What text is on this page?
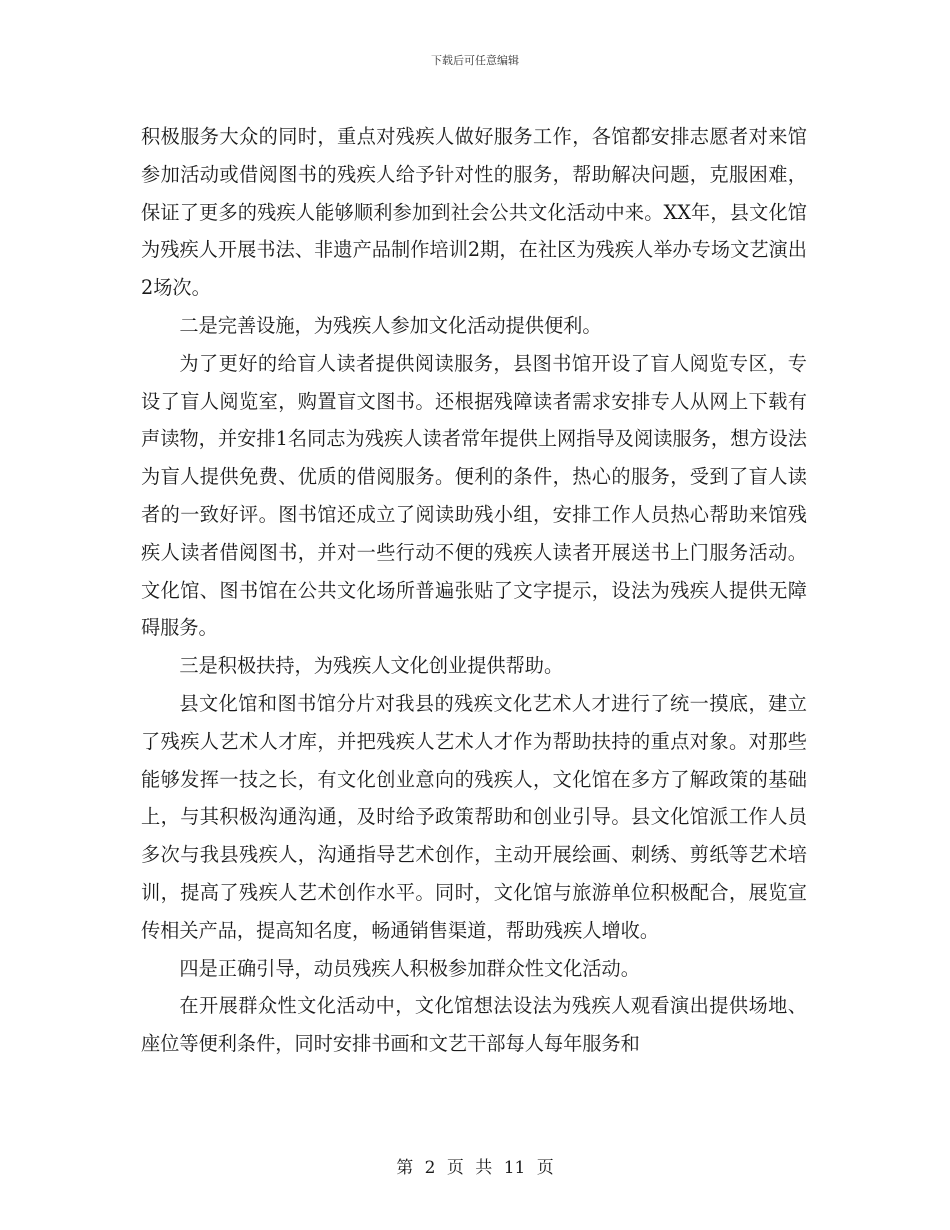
下载后可任意编辑

积极服务大众的同时，重点对残疾人做好服务工作，各馆都安排志愿者对来馆参加活动或借阅图书的残疾人给予针对性的服务，帮助解决问题，克服困难，保证了更多的残疾人能够顺利参加到社会公共文化活动中来。XX年，县文化馆为残疾人开展书法、非遗产品制作培训2期，在社区为残疾人举办专场文艺演出2场次。

二是完善设施，为残疾人参加文化活动提供便利。

为了更好的给盲人读者提供阅读服务，县图书馆开设了盲人阅览专区，专设了盲人阅览室，购置盲文图书。还根据残障读者需求安排专人从网上下载有声读物，并安排1名同志为残疾人读者常年提供上网指导及阅读服务，想方设法为盲人提供免费、优质的借阅服务。便利的条件，热心的服务，受到了盲人读者的一致好评。图书馆还成立了阅读助残小组，安排工作人员热心帮助来馆残疾人读者借阅图书，并对一些行动不便的残疾人读者开展送书上门服务活动。文化馆、图书馆在公共文化场所普遍张贴了文字提示，设法为残疾人提供无障碍服务。

三是积极扶持，为残疾人文化创业提供帮助。

县文化馆和图书馆分片对我县的残疾文化艺术人才进行了统一摸底，建立了残疾人艺术人才库，并把残疾人艺术人才作为帮助扶持的重点对象。对那些能够发挥一技之长，有文化创业意向的残疾人，文化馆在多方了解政策的基础上，与其积极沟通沟通，及时给予政策帮助和创业引导。县文化馆派工作人员多次与我县残疾人，沟通指导艺术创作，主动开展绘画、刺绣、剪纸等艺术培训，提高了残疾人艺术创作水平。同时，文化馆与旅游单位积极配合，展览宣传相关产品，提高知名度，畅通销售渠道，帮助残疾人增收。

四是正确引导，动员残疾人积极参加群众性文化活动。

在开展群众性文化活动中，文化馆想法设法为残疾人观看演出提供场地、座位等便利条件，同时安排书画和文艺干部每人每年服务和

第 2 页 共 11 页
